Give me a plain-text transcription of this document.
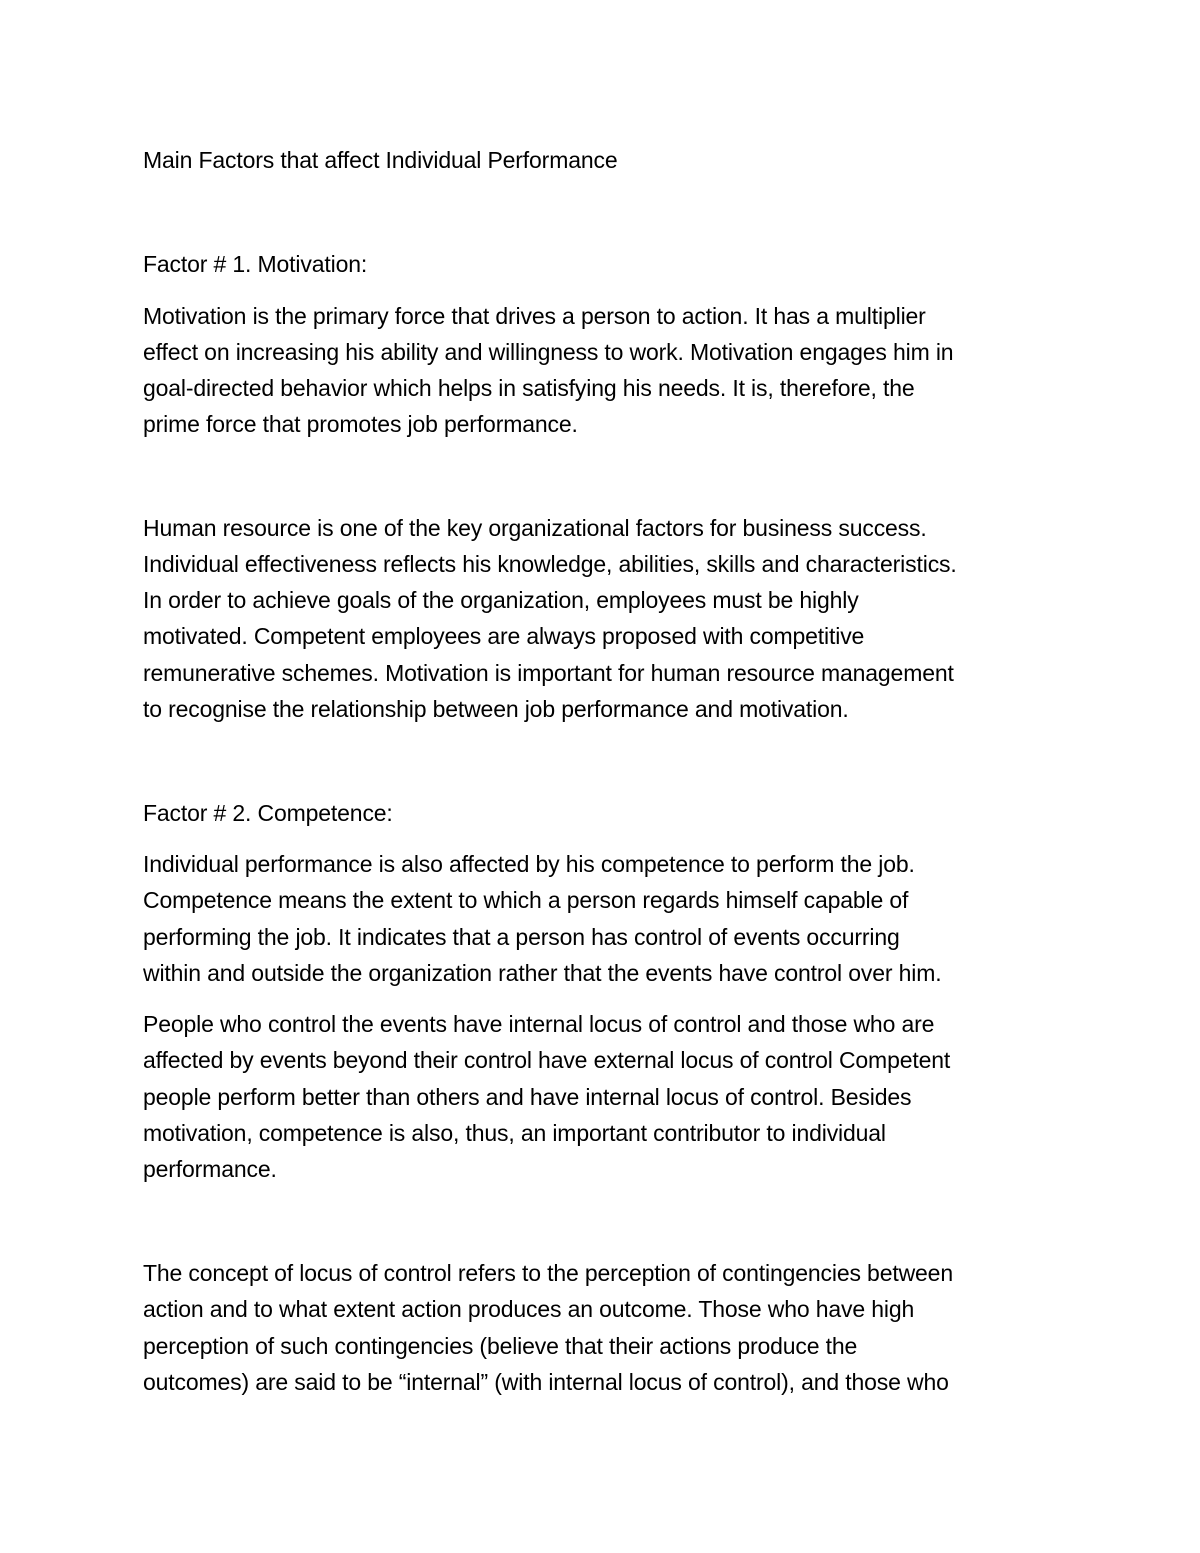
Main Factors that affect Individual Performance

Factor # 1. Motivation:

Motivation is the primary force that drives a person to action. It has a multiplier

effect on increasing his ability and willingness to work. Motivation engages him in

goal-directed behavior which helps in satisfying his needs. It is, therefore, the

prime force that promotes job performance.

Human resource is one of the key organizational factors for business success.

Individual effectiveness reflects his knowledge, abilities, skills and characteristics.

In order to achieve goals of the organization, employees must be highly

motivated. Competent employees are always proposed with competitive

remunerative schemes. Motivation is important for human resource management

to recognise the relationship between job performance and motivation.

Factor # 2. Competence:

Individual performance is also affected by his competence to perform the job.

Competence means the extent to which a person regards himself capable of

performing the job. It indicates that a person has control of events occurring

within and outside the organization rather that the events have control over him.

People who control the events have internal locus of control and those who are

affected by events beyond their control have external locus of control Competent

people perform better than others and have internal locus of control. Besides

motivation, competence is also, thus, an important contributor to individual

performance.

The concept of locus of control refers to the perception of contingencies between

action and to what extent action produces an outcome. Those who have high

perception of such contingencies (believe that their actions produce the

outcomes) are said to be “internal” (with internal locus of control), and those who
